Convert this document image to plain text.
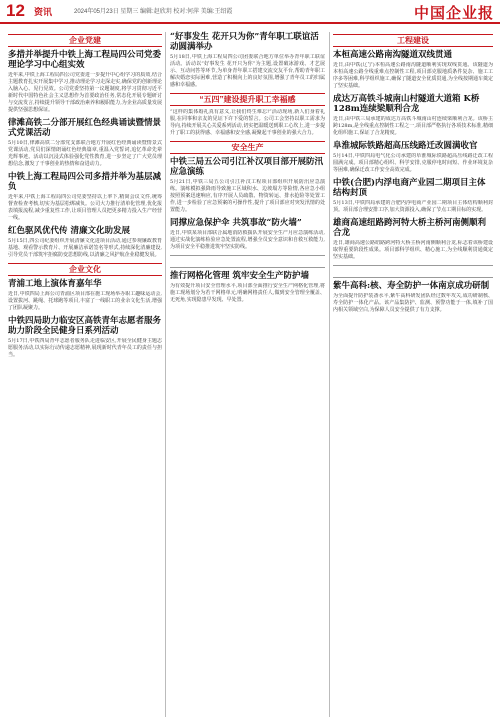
12 资讯	2024年05月23日 星期三 编辑:赵欣玥 校对:何萍 美编:王绍霞	中国企业报
企业党建
多措并举提升中铁上海工程局四公司党委理论学习中心组实效
近年来,中铁上海工程局四公司党委进一步提升中心组学习的质效,结合主题教育扎实开展集中学习,推动理论学习走深走实,确保党的创新理论入脑入心、见行见效。公司党委坚持第一议题制度,将学习贯彻习近平新时代中国特色社会主义思想作为首要政治任务,常态化开展专题研讨与交流发言,持续提升领导干部政治素养和履职能力,为企业高质量发展提供坚强思想保证。
律滩高铁二分部开展红色经典诵读暨情景式党课活动
5月10日,律滩高铁二分部党支部联合地方开展红色经典诵读暨情景式党课活动,党员们深情朗诵红色经典篇章,重温入党誓词,追忆革命先辈光辉事迹。活动以沉浸式体验强化党性教育,进一步坚定了广大党员理想信念,激发了干事创业的热情和奋进动力。
中铁上海工程局四公司多措并举为基层减负
近年来,中铁上海工程局四公司党委坚持以上率下,精简会议文件,统筹督查检查考核,切实为基层松绑减负。公司大力推行清单化管理,优化报表填报流程,减少重复性工作,让项目管理人员把更多精力投入生产经营一线。
红色驱风优代传 清廉文化助发展
5月15日,四公司纪委组织开展清廉文化进项目活动,通过参观廉政教育基地、观看警示教育片、开展廉洁承诺签名等形式,持续深化清廉建设,引导党员干部筑牢拒腐防变思想防线,以清廉之风护航企业稳健发展。
企业文化
青浦工地上演体育嘉年华
近日,中铁四局上海公司青浦区项目部在施工现场举办职工趣味运动会,设置拔河、跳绳、托球跑等项目,丰富了一线职工的业余文化生活,增强了团队凝聚力。
中铁四局助力临安区高铁青年志愿者服务助力阶段全民健身日系列活动
5月17日,中铁四局青年志愿者服务队走进临安区,开展全民健身主题志愿服务活动,以实际行动传递志愿精神,展现新时代青年员工的责任与担当。
“好事发生 花开只为你”青年职工联谊活动圆满举办
5月18日,中铁上海工程局四公司团委联合地方单位举办青年职工联谊活动。活动以“好事发生 花开只为你”为主题,设置破冰游戏、才艺展示、互动问答等环节,为单身青年职工搭建交流交友平台,帮助青年职工解决婚恋实际困难,营造了积极向上的良好氛围,增强了青年员工的归属感和幸福感。
“五四”建设提升职工幸福感
“这样的集体婚礼真有意义,让我们终生难忘!”活动现场,新人们身着礼服,在同事和亲友的见证下许下爱的誓言。公司工会坚持以职工需求为导向,持续开展关心关爱系列活动,切实把温暖送到职工心坎上,进一步提升了职工的获得感、幸福感和安全感,凝聚起干事创业的强大合力。
安全生产
中铁三局五公司引江补汉项目部开展防汛应急演练
5月21日,中铁三局五公司引江补汉工程项目部组织开展防汛应急演练。演练模拟强降雨导致施工区域积水、边坡塌方等险情,各应急小组按照预案迅速响应,有序开展人员疏散、物资转运、排水抢险等处置工作,进一步检验了应急预案的可操作性,提升了项目部应对突发汛情的处置能力。
同撑应急保护伞 共筑事故“防火墙”
近日,中铁某项目部联合属地消防救援队开展安全生产月应急演练活动,通过实战化演练检验应急处置流程,增强全员安全意识和自救互救能力,为项目安全平稳推进筑牢坚实防线。

推行网格化管理 筑牢安全生产防护墙
为有效提升项目安全管理水平,项目部全面推行安全生产网格化管理,将施工现场划分为若干网格单元,明确网格责任人,做到安全管理全覆盖、无死角,实现隐患早发现、早处置。
工程建设
本桓高速公路南沟隧道双线贯通
近日,由中铁(辽宁)本桓高速公路南沟隧道顺利实现双线贯通。该隧道为本桓高速公路全线重难点控制性工程,项目部克服地质条件复杂、施工工序多等困难,科学组织施工,确保了隧道安全优质贯通,为全线按期通车奠定了坚实基础。
成达万高铁斗城南山村隧道大道箱 K桥128m连续梁顺利合龙
近日,由中铁三局承建的成达万高铁斗城南山村连续梁顺利合龙。该桥主跨128m,是全线重点控制性工程之一,项目部严格执行各项技术标准,精细化组织施工,保证了合龙精度。
阜淮城际铁路超高压线路迁改圆满收官
5月14日,中铁四局电气化公司承建的阜淮城际铁路超高压线路迁改工程圆满完成。项目部精心组织、科学安排,克服停电时间短、作业环境复杂等困难,确保迁改工作安全高效完成。
中铁(合肥)内浮电商产业园二期项目主体结构封顶
5月13日,中铁四局承建的合肥内浮电商产业园二期项目主体结构顺利封顶。项目部合理安排工序,加大资源投入,确保了节点工期目标的实现。
雄商高速纽路跨河特大桥主桥河南侧顺利合龙
近日,雄商高速公路纽路跨河特大桥主桥河南侧顺利合龙,标志着该桥建设取得重要阶段性成果。项目部科学组织、精心施工,为全线顺利贯通奠定坚实基础。

紫牛高科:核、寿全防护一体南京成功研制
为全面提升防护装备水平,紫牛高科研发团队经过数年攻关,成功研制核、寿全防护一体化产品。该产品集防护、监测、预警功能于一体,填补了国内相关领域空白,为保障人员安全提供了有力支撑。
